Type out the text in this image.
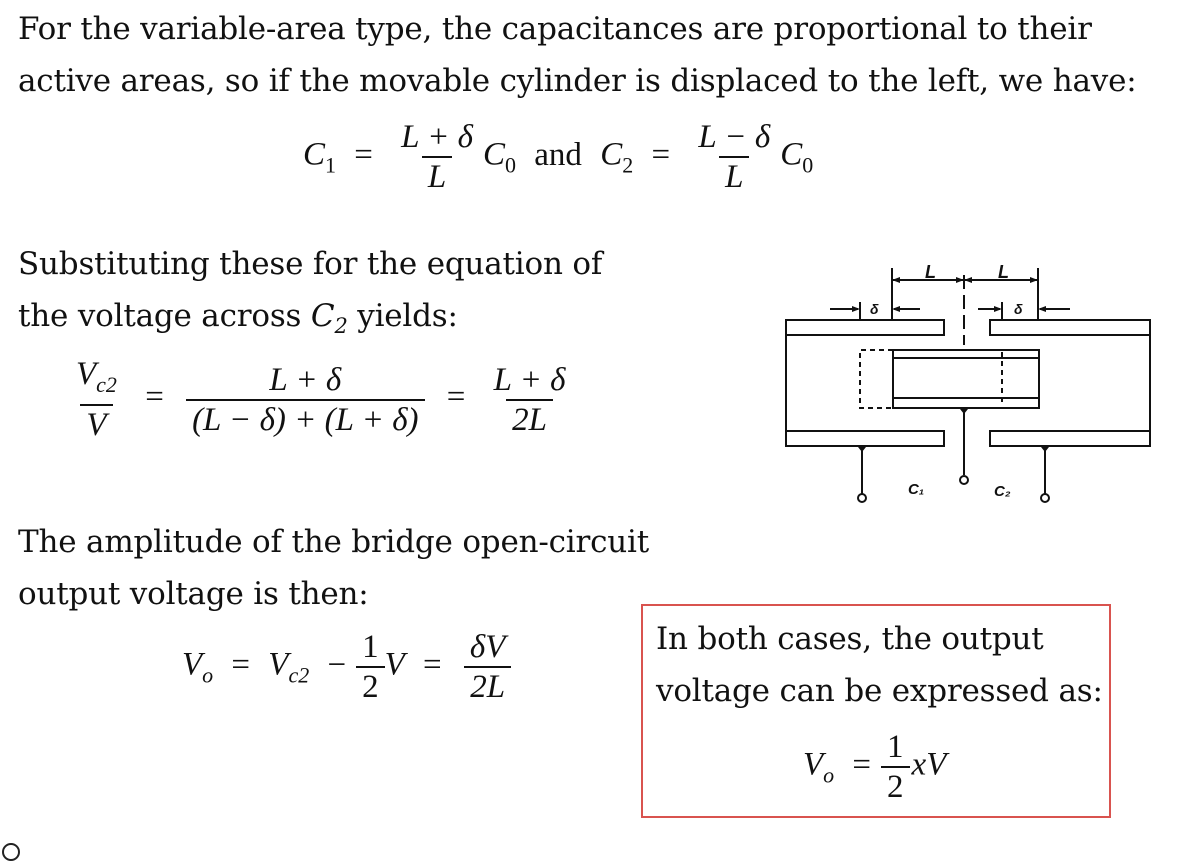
For the variable-area type, the capacitances are proportional to their
active areas, so if the movable cylinder is displaced to the left, we have:
$C_1 = \frac{L + \delta}{L} C_0$ and $C_2 = \frac{L - \delta}{L} C_0$
Substituting these for the equation of
the voltage across $C_2$ yields:
$\frac{V_{c2}}{V} = \frac{L + \delta}{(L - \delta) + (L + \delta)} = \frac{L + \delta}{2L}$
L	L
δ	δ
C₁	C₂
The amplitude of the bridge open-circuit
output voltage is then:
$V_o = V_{c2} - \frac{1}{2}$ $V = \frac{\delta V}{2L}$	In both cases, the output
voltage can be expressed as:
$V_o = \frac{1}{2}$ xV
